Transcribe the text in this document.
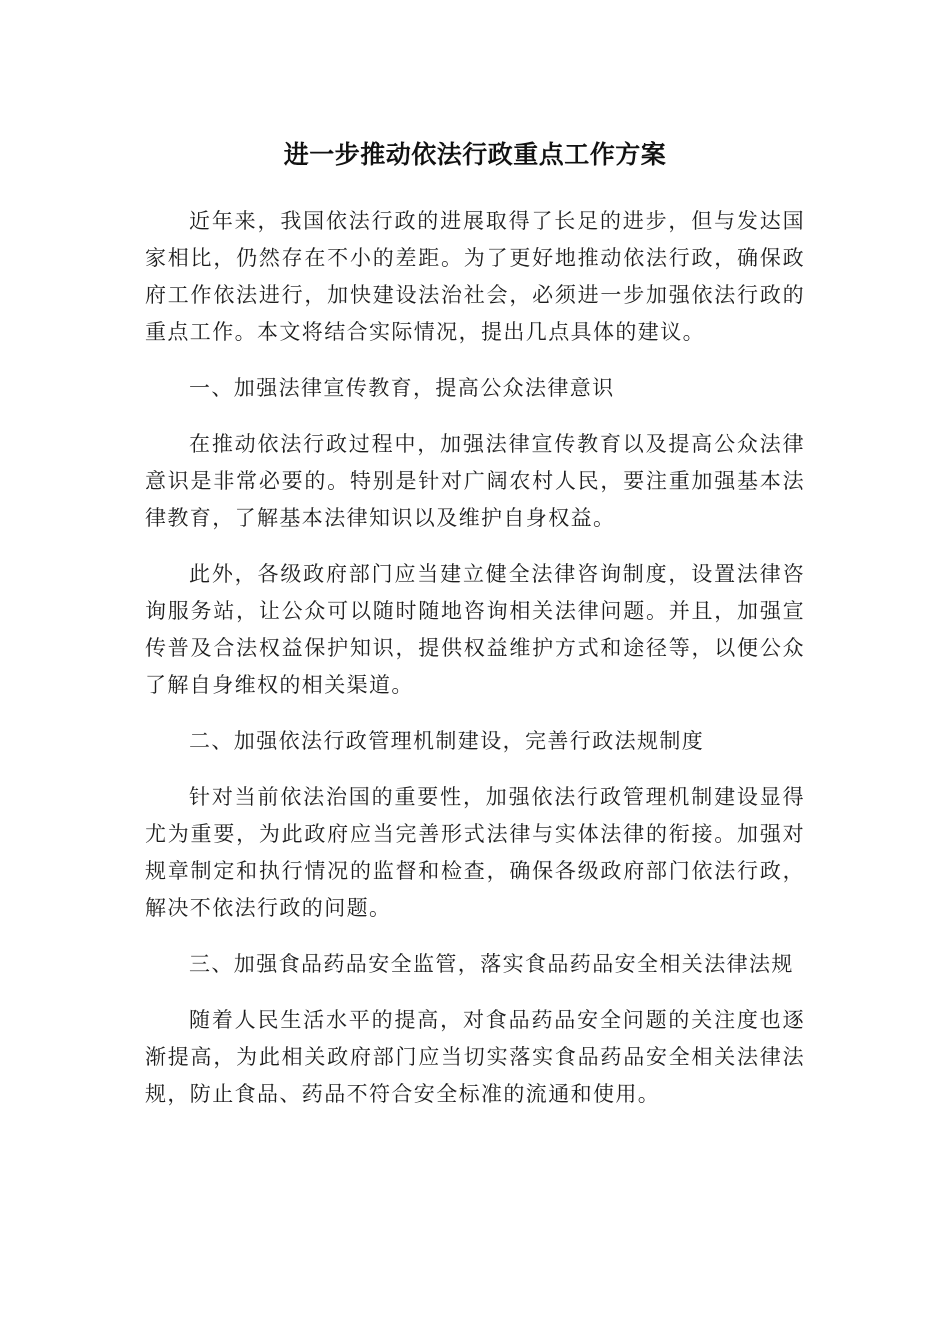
进一步推动依法行政重点工作方案

近年来，我国依法行政的进展取得了长足的进步，但与发达国家相比，仍然存在不小的差距。为了更好地推动依法行政，确保政府工作依法进行，加快建设法治社会，必须进一步加强依法行政的重点工作。本文将结合实际情况，提出几点具体的建议。

一、加强法律宣传教育，提高公众法律意识

在推动依法行政过程中，加强法律宣传教育以及提高公众法律意识是非常必要的。特别是针对广阔农村人民，要注重加强基本法律教育，了解基本法律知识以及维护自身权益。

此外，各级政府部门应当建立健全法律咨询制度，设置法律咨询服务站，让公众可以随时随地咨询相关法律问题。并且，加强宣传普及合法权益保护知识，提供权益维护方式和途径等，以便公众了解自身维权的相关渠道。

二、加强依法行政管理机制建设，完善行政法规制度

针对当前依法治国的重要性，加强依法行政管理机制建设显得尤为重要，为此政府应当完善形式法律与实体法律的衔接。加强对规章制定和执行情况的监督和检查，确保各级政府部门依法行政，解决不依法行政的问题。

三、加强食品药品安全监管，落实食品药品安全相关法律法规

随着人民生活水平的提高，对食品药品安全问题的关注度也逐渐提高，为此相关政府部门应当切实落实食品药品安全相关法律法规，防止食品、药品不符合安全标准的流通和使用。
